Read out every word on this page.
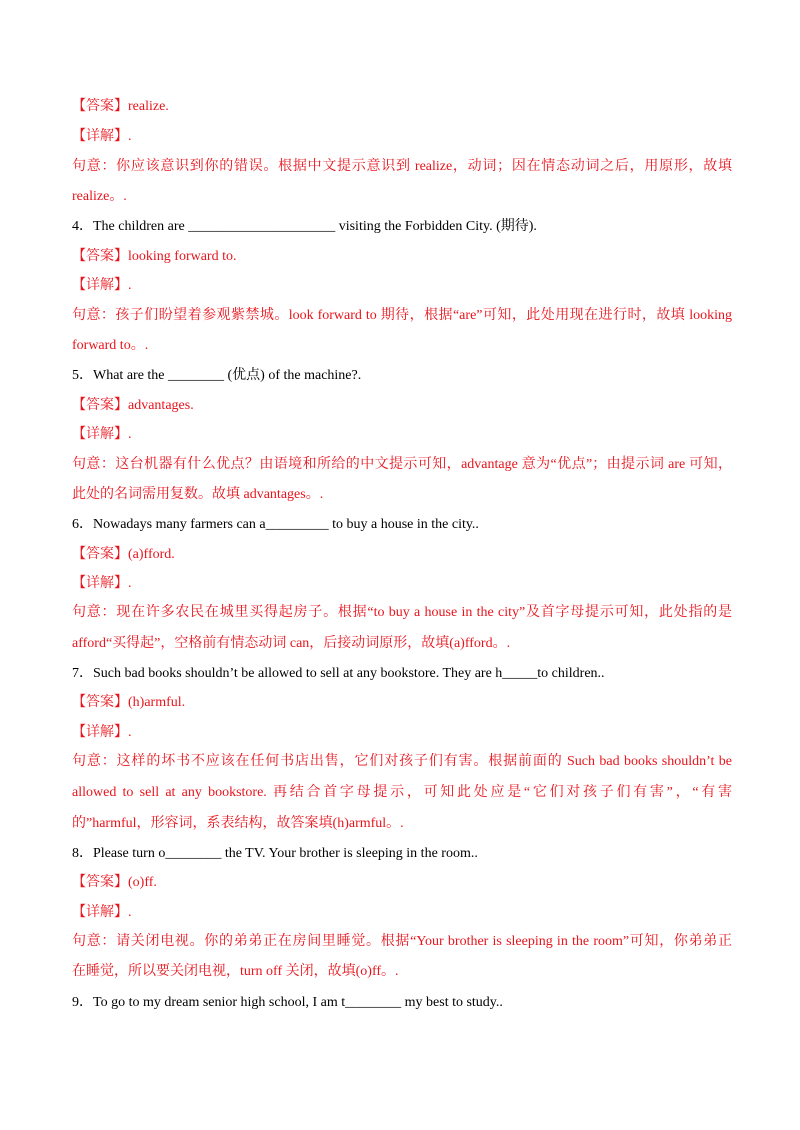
【答案】realize.
【详解】.
句意：你应该意识到你的错误。根据中文提示意识到 realize，动词；因在情态动词之后，用原形，故填
realize。.
4．The children are _____________________ visiting the Forbidden City. (期待).
【答案】looking forward to.
【详解】.
句意：孩子们盼望着参观紫禁城。look forward to 期待，根据“are”可知，此处用现在进行时，故填 looking
forward to。.
5．What are the ________ (优点) of the machine?.
【答案】advantages.
【详解】.
句意：这台机器有什么优点？由语境和所给的中文提示可知，advantage 意为“优点”；由提示词 are 可知，
此处的名词需用复数。故填 advantages。.
6．Nowadays many farmers can a_________ to buy a house in the city..
【答案】(a)fford.
【详解】.
句意：现在许多农民在城里买得起房子。根据“to buy a house in the city”及首字母提示可知，此处指的是
afford“买得起”，空格前有情态动词 can，后接动词原形，故填(a)fford。.
7．Such bad books shouldn’t be allowed to sell at any bookstore. They are h_____to children..
【答案】(h)armful.
【详解】.
句意：这样的坏书不应该在任何书店出售，它们对孩子们有害。根据前面的 Such bad books shouldn’t be
allowed to sell at any bookstore. 再结合首字母提示，可知此处应是“它们对孩子们有害”，“有害
的”harmful，形容词，系表结构，故答案填(h)armful。.
8．Please turn o________ the TV. Your brother is sleeping in the room..
【答案】(o)ff.
【详解】.
句意：请关闭电视。你的弟弟正在房间里睡觉。根据“Your brother is sleeping in the room”可知，你弟弟正
在睡觉，所以要关闭电视，turn off 关闭，故填(o)ff。.
9．To go to my dream senior high school, I am t________ my best to study..
